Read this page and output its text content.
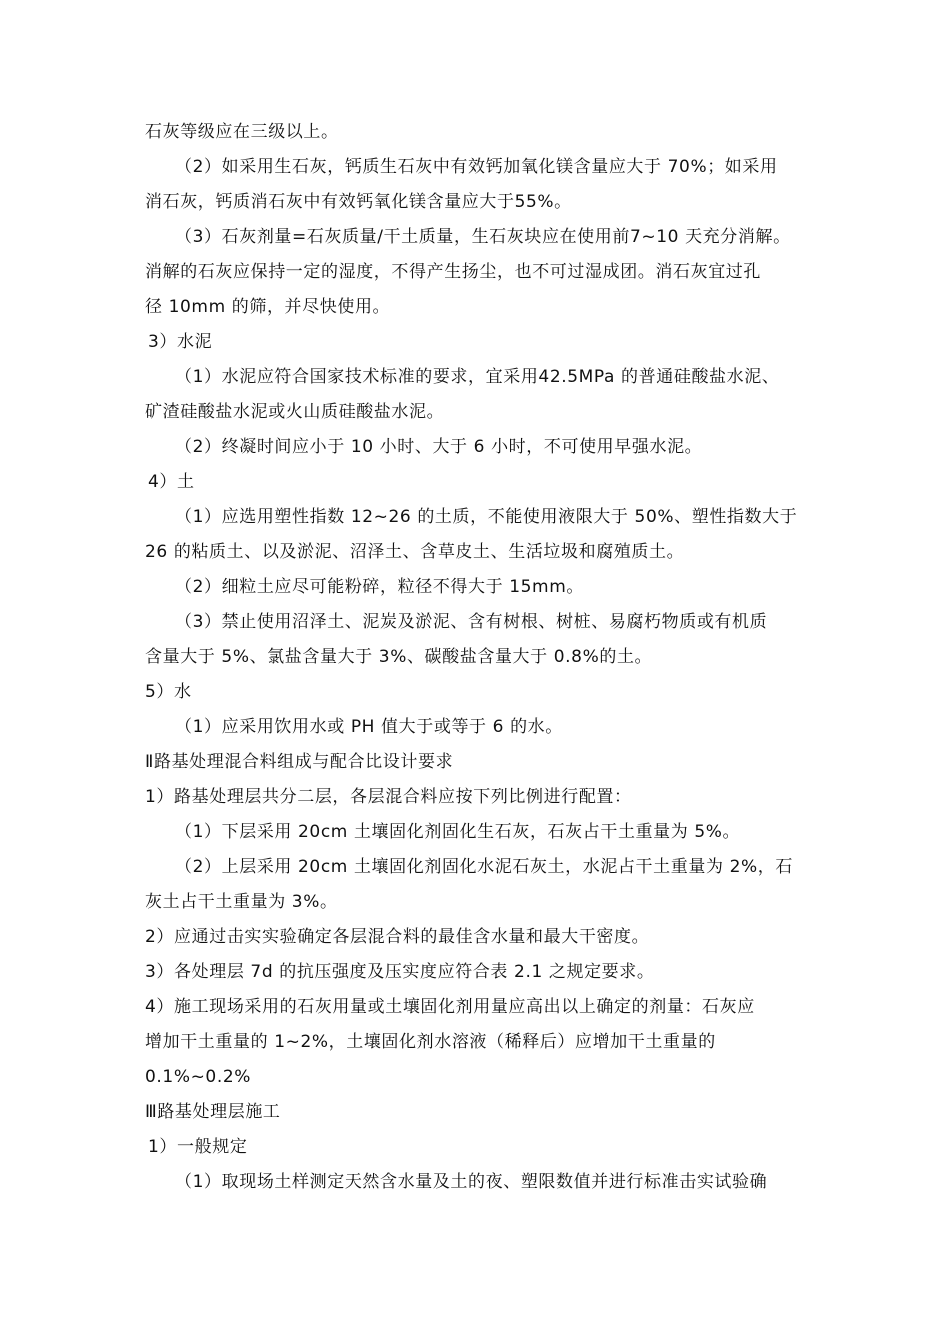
石灰等级应在三级以上。
（2）如采用生石灰，钙质生石灰中有效钙加氧化镁含量应大于 70%；如采用
消石灰，钙质消石灰中有效钙氧化镁含量应大于55%。
（3）石灰剂量=石灰质量/干土质量，生石灰块应在使用前7~10 天充分消解。
消解的石灰应保持一定的湿度，不得产生扬尘，也不可过湿成团。消石灰宜过孔
径 10mm 的筛，并尽快使用。
3）水泥
（1）水泥应符合国家技术标准的要求，宜采用42.5MPa 的普通硅酸盐水泥、
矿渣硅酸盐水泥或火山质硅酸盐水泥。
（2）终凝时间应小于 10 小时、大于 6 小时，不可使用早强水泥。
4）土
（1）应选用塑性指数 12~26 的土质，不能使用液限大于 50%、塑性指数大于
26 的粘质土、以及淤泥、沼泽土、含草皮土、生活垃圾和腐殖质土。
（2）细粒土应尽可能粉碎，粒径不得大于 15mm。
（3）禁止使用沼泽土、泥炭及淤泥、含有树根、树桩、易腐朽物质或有机质
含量大于 5%、氯盐含量大于 3%、碳酸盐含量大于 0.8%的土。
5）水
（1）应采用饮用水或 PH 值大于或等于 6 的水。
Ⅱ路基处理混合料组成与配合比设计要求
1）路基处理层共分二层，各层混合料应按下列比例进行配置：
（1）下层采用 20cm 土壤固化剂固化生石灰，石灰占干土重量为 5%。
（2）上层采用 20cm 土壤固化剂固化水泥石灰土，水泥占干土重量为 2%，石
灰土占干土重量为 3%。
2）应通过击实实验确定各层混合料的最佳含水量和最大干密度。
3）各处理层 7d 的抗压强度及压实度应符合表 2.1 之规定要求。
4）施工现场采用的石灰用量或土壤固化剂用量应高出以上确定的剂量：石灰应
增加干土重量的 1~2%，土壤固化剂水溶液（稀释后）应增加干土重量的
0.1%~0.2%
Ⅲ路基处理层施工
1）一般规定
（1）取现场土样测定天然含水量及土的夜、塑限数值并进行标准击实试验确
